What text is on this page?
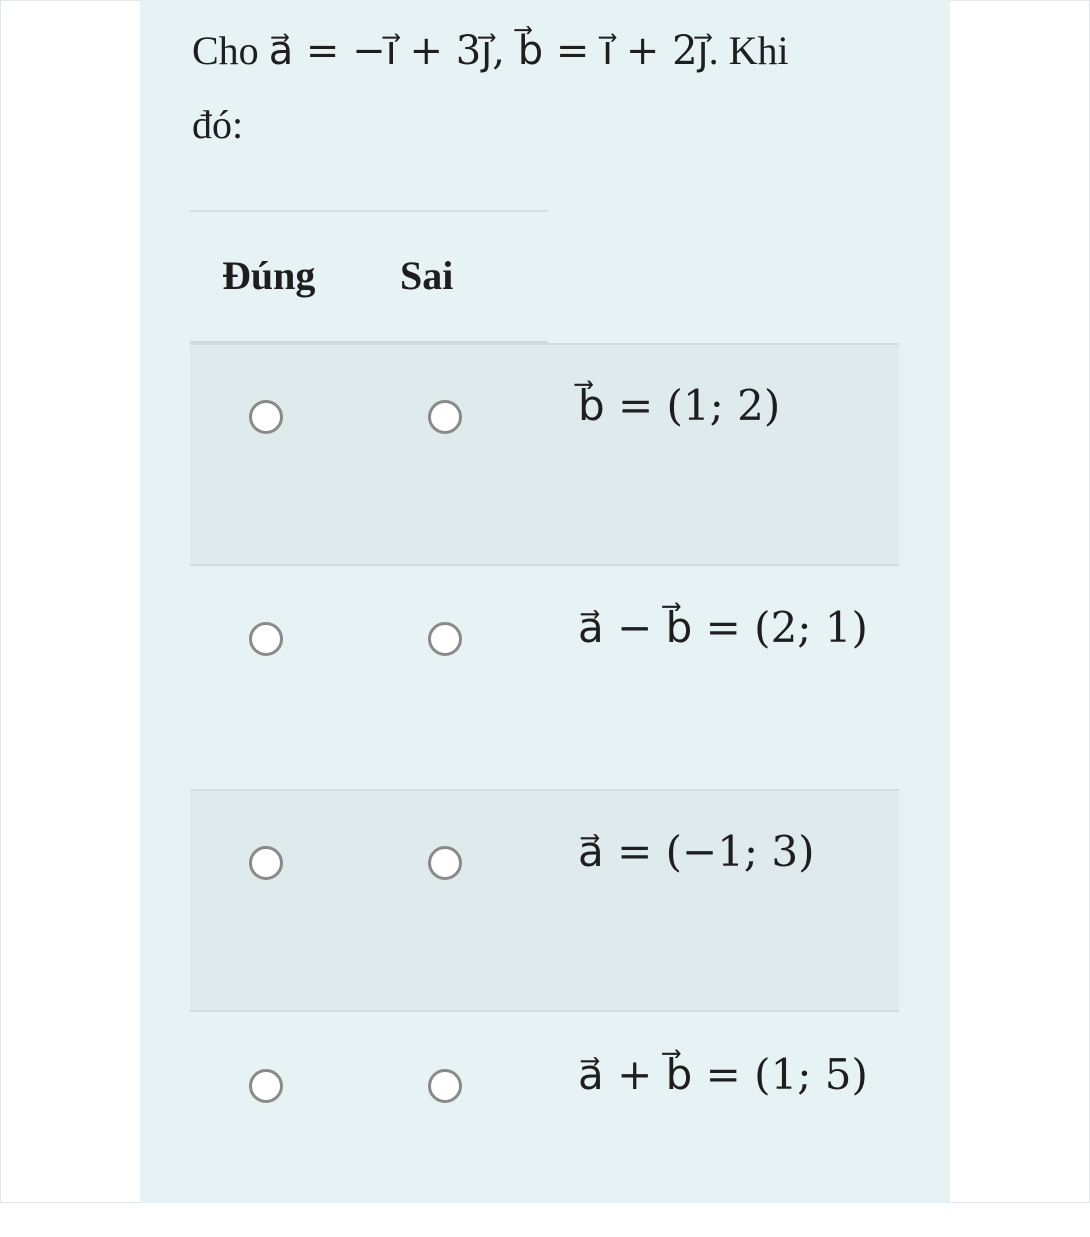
Cho a⃗ = −i⃗ + 3j⃗, b⃗ = i⃗ + 2j⃗. Khi
đó:
Đúng Sai
b⃗ = (1; 2)
a⃗ − b⃗ = (2; 1)
a⃗ = (−1; 3)
a⃗ + b⃗ = (1; 5)
